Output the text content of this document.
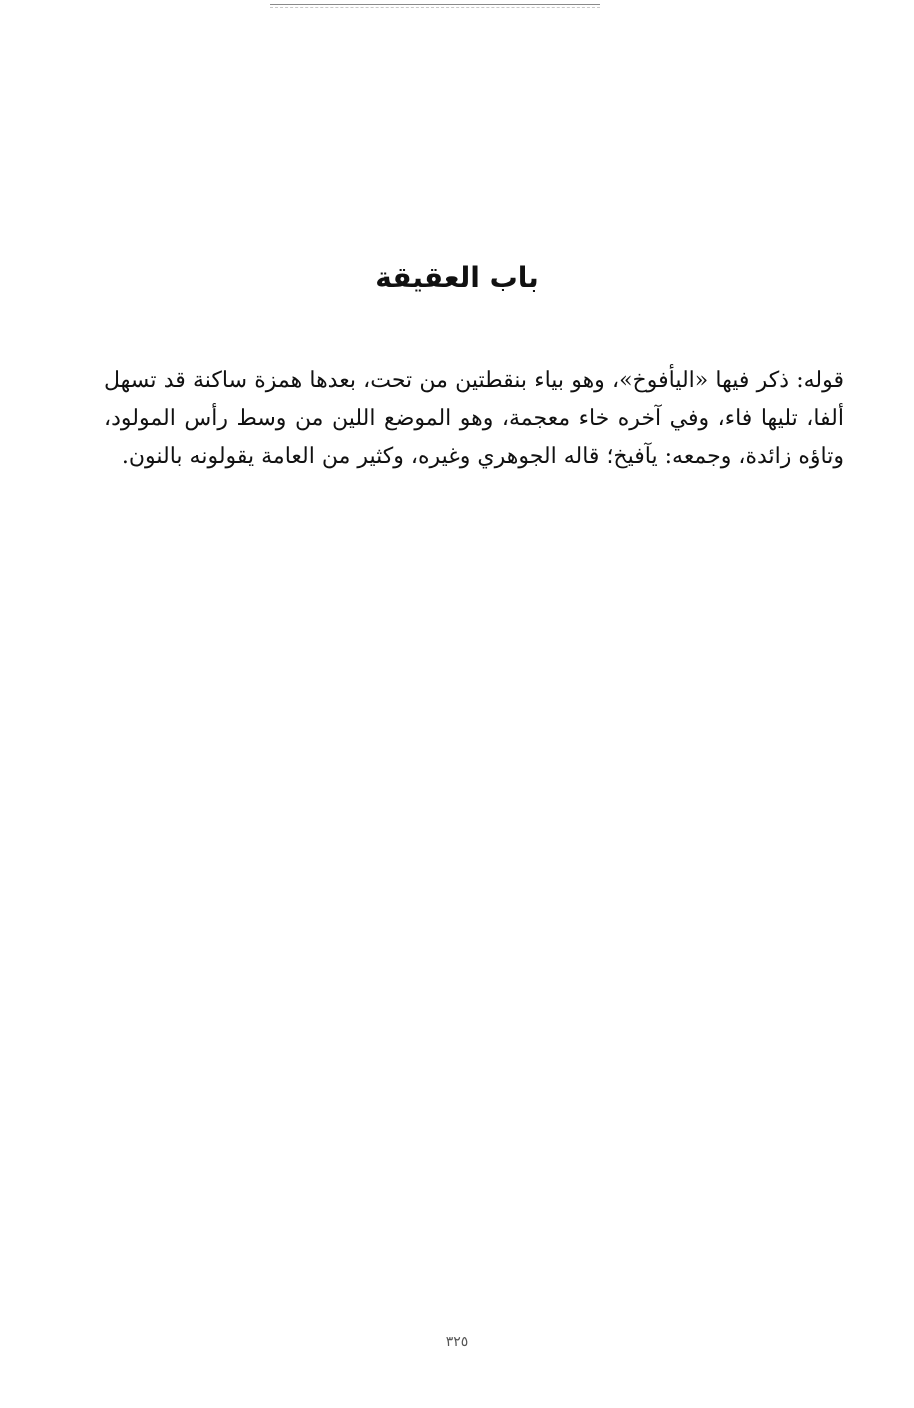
باب العقيقة

قوله: ذكر فيها «اليأفوخ»، وهو بياء بنقطتين من تحت، بعدها همزة ساكنة قد تسهل ألفا، تليها فاء، وفي آخره خاء معجمة، وهو الموضع اللين من وسط رأس المولود، وتاؤه زائدة، وجمعه: يآفيخ؛ قاله الجوهري وغيره، وكثير من العامة يقولونه بالنون.

٣٢٥
